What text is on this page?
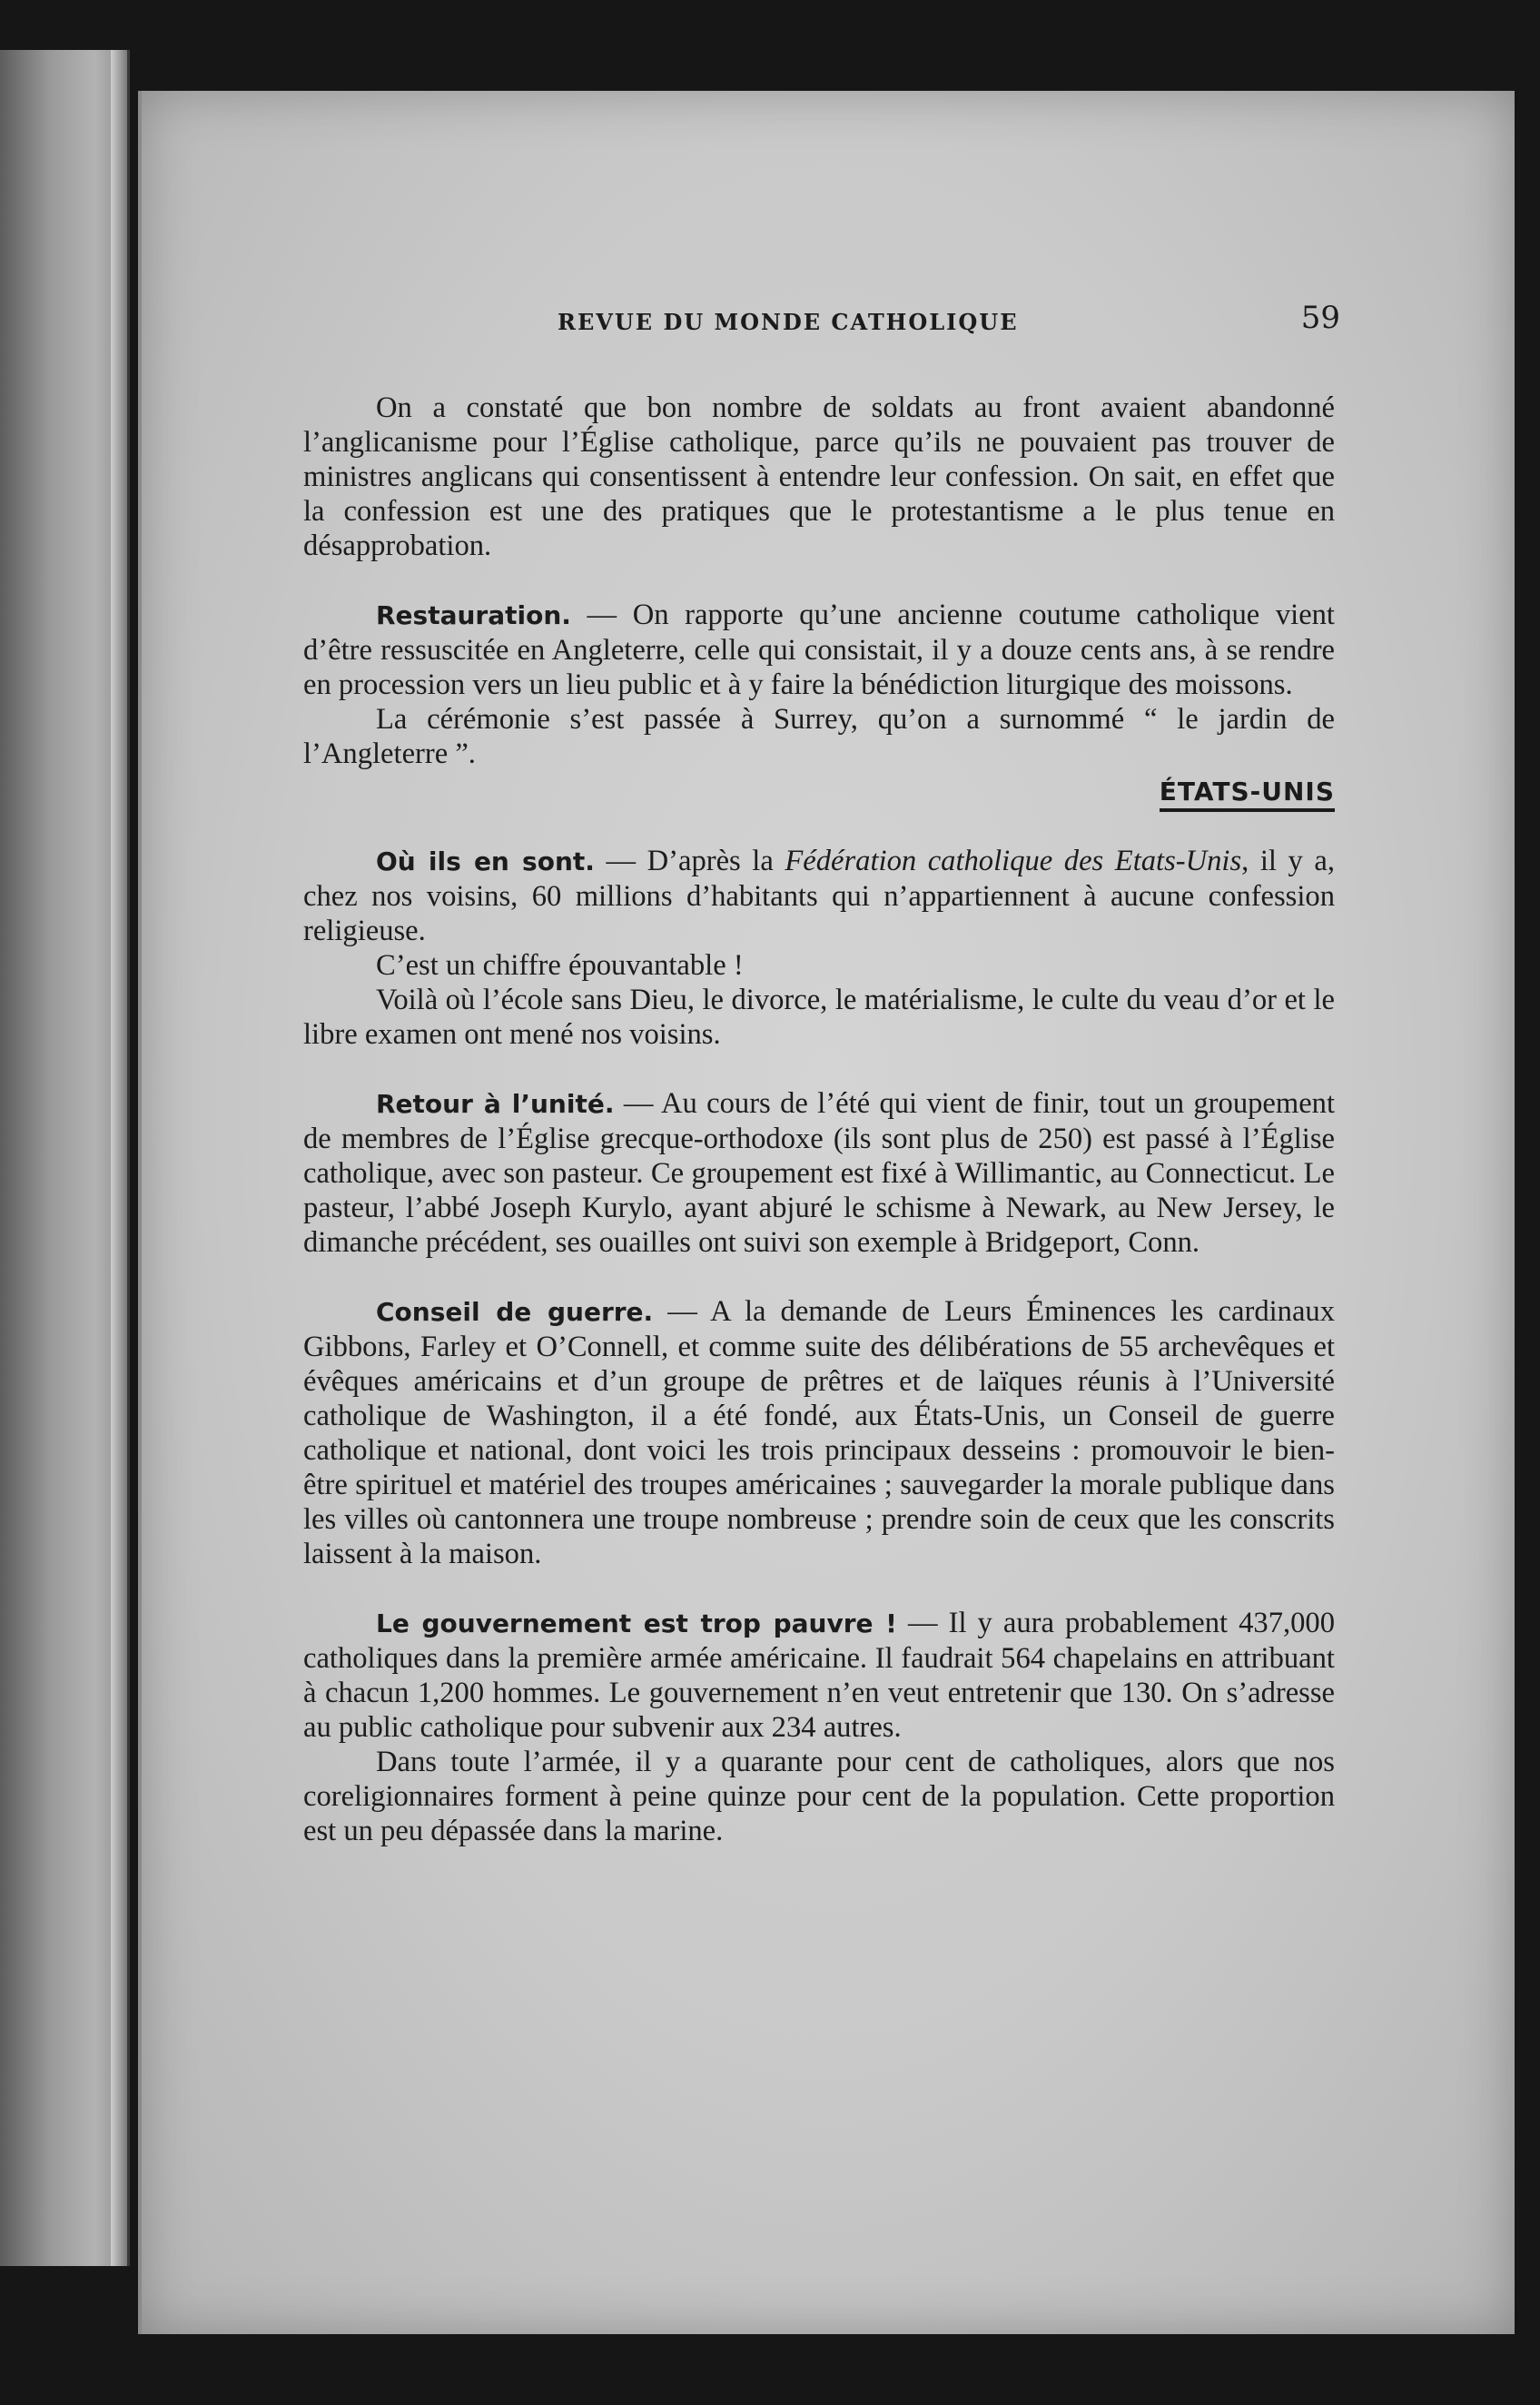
REVUE DU MONDE CATHOLIQUE	59

On a constaté que bon nombre de soldats au front avaient abandonné l’anglicanisme pour l’Église catholique, parce qu’ils ne pouvaient pas trouver de ministres anglicans qui consentissent à entendre leur confession. On sait, en effet que la confession est une des pratiques que le protestantisme a le plus tenue en désapprobation.

Restauration. — On rapporte qu’une ancienne coutume catholique vient d’être ressuscitée en Angleterre, celle qui consistait, il y a douze cents ans, à se rendre en procession vers un lieu public et à y faire la bénédiction liturgique des moissons.

La cérémonie s’est passée à Surrey, qu’on a surnommé “ le jardin de l’Angleterre ”.

ÉTATS-UNIS

Où ils en sont. — D’après la Fédération catholique des Etats-Unis, il y a, chez nos voisins, 60 millions d’habitants qui n’appartiennent à aucune confession religieuse.

C’est un chiffre épouvantable !

Voilà où l’école sans Dieu, le divorce, le matérialisme, le culte du veau d’or et le libre examen ont mené nos voisins.

Retour à l’unité. — Au cours de l’été qui vient de finir, tout un groupement de membres de l’Église grecque-orthodoxe (ils sont plus de 250) est passé à l’Église catholique, avec son pasteur. Ce groupement est fixé à Willimantic, au Connecticut. Le pasteur, l’abbé Joseph Kurylo, ayant abjuré le schisme à Newark, au New Jersey, le dimanche précédent, ses ouailles ont suivi son exemple à Bridgeport, Conn.

Conseil de guerre. — A la demande de Leurs Éminences les cardinaux Gibbons, Farley et O’Connell, et comme suite des délibérations de 55 archevêques et évêques américains et d’un groupe de prêtres et de laïques réunis à l’Université catholique de Washington, il a été fondé, aux États-Unis, un Conseil de guerre catholique et national, dont voici les trois principaux desseins : promouvoir le bien-être spirituel et matériel des troupes américaines ; sauvegarder la morale publique dans les villes où cantonnera une troupe nombreuse ; prendre soin de ceux que les conscrits laissent à la maison.

Le gouvernement est trop pauvre ! — Il y aura probablement 437,000 catholiques dans la première armée américaine. Il faudrait 564 chapelains en attribuant à chacun 1,200 hommes. Le gouvernement n’en veut entretenir que 130. On s’adresse au public catholique pour subvenir aux 234 autres.

Dans toute l’armée, il y a quarante pour cent de catholiques, alors que nos coreligionnaires forment à peine quinze pour cent de la population. Cette proportion est un peu dépassée dans la marine.
